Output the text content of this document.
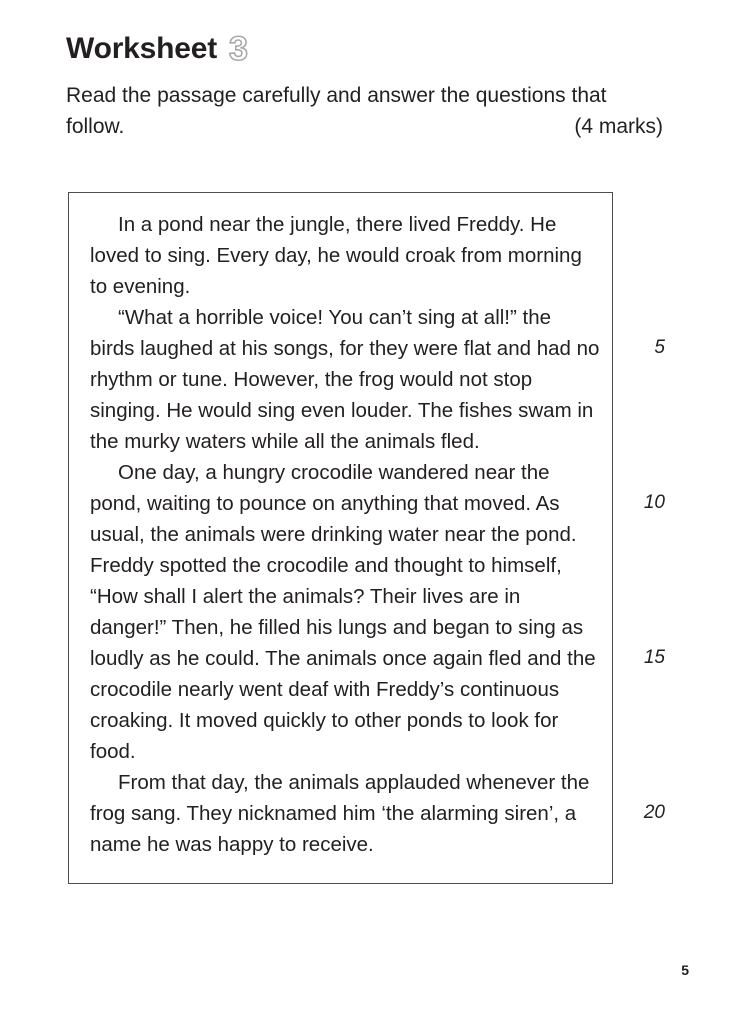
Worksheet 3
Read the passage carefully and answer the questions that
follow.	(4 marks)

In a pond near the jungle, there lived Freddy. He loved to sing. Every day, he would croak from morning to evening.

“What a horrible voice! You can’t sing at all!” the birds laughed at his songs, for they were flat and had no rhythm or tune. However, the frog would not stop singing. He would sing even louder. The fishes swam in the murky waters while all the animals fled.

One day, a hungry crocodile wandered near the pond, waiting to pounce on anything that moved. As usual, the animals were drinking water near the pond. Freddy spotted the crocodile and thought to himself, “How shall I alert the animals? Their lives are in danger!” Then, he filled his lungs and began to sing as loudly as he could. The animals once again fled and the crocodile nearly went deaf with Freddy’s continuous croaking. It moved quickly to other ponds to look for food.

From that day, the animals applauded whenever the frog sang. They nicknamed him ‘the alarming siren’, a name he was happy to receive.

5
10
15
20
5
